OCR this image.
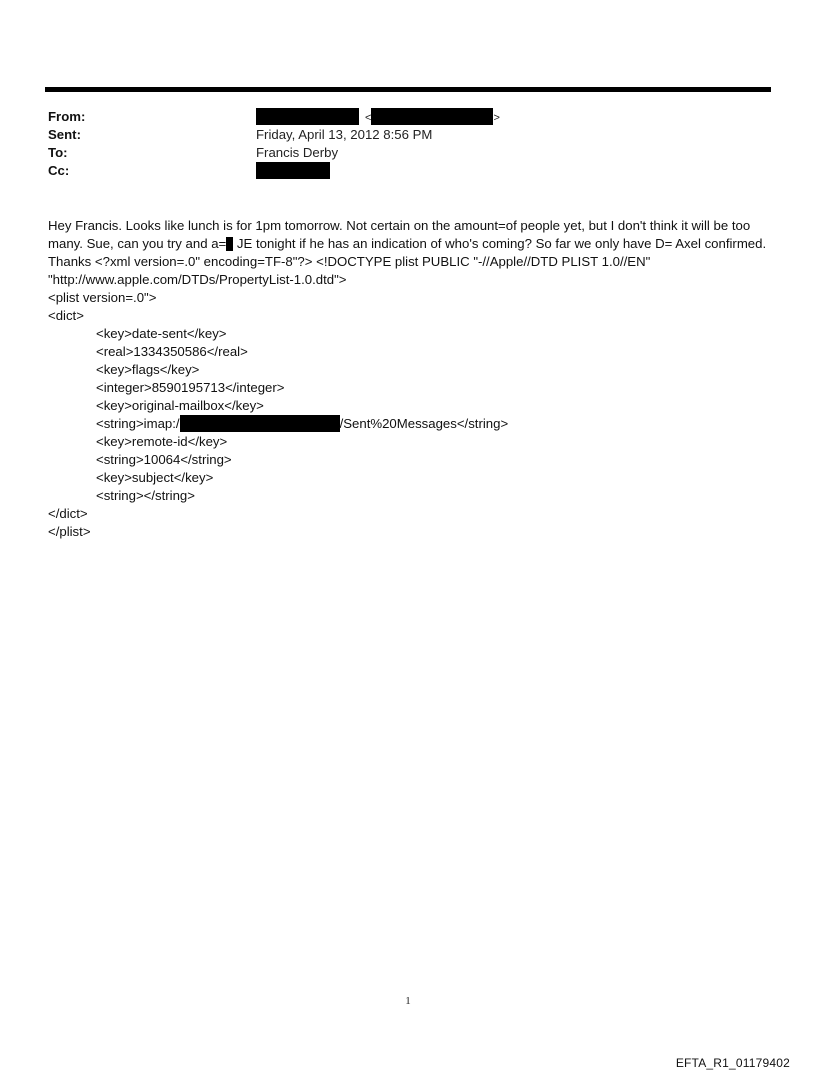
From:	<	>
Sent:	Friday, April 13, 2012 8:56 PM
To:	Francis Derby
Cc:

Hey Francis. Looks like lunch is for 1pm tomorrow. Not certain on the amount=of people yet, but I don't think it will be too many. Sue, can you try and a= JE tonight if he has an indication of who's coming? So far we only have D= Axel confirmed. Thanks <?xml version=.0" encoding=TF-8"?> <!DOCTYPE plist PUBLIC "-//Apple//DTD PLIST 1.0//EN" "http://www.apple.com/DTDs/PropertyList-1.0.dtd">

<plist version=.0">
<dict>
<key>date-sent</key>
<real>1334350586</real>
<key>flags</key>
<integer>8590195713</integer>
<key>original-mailbox</key>
<string>imap:/	/Sent%20Messages</string>
<key>remote-id</key>
<string>10064</string>
<key>subject</key>
<string></string>
</dict>
</plist>
1
EFTA_R1_01179402
